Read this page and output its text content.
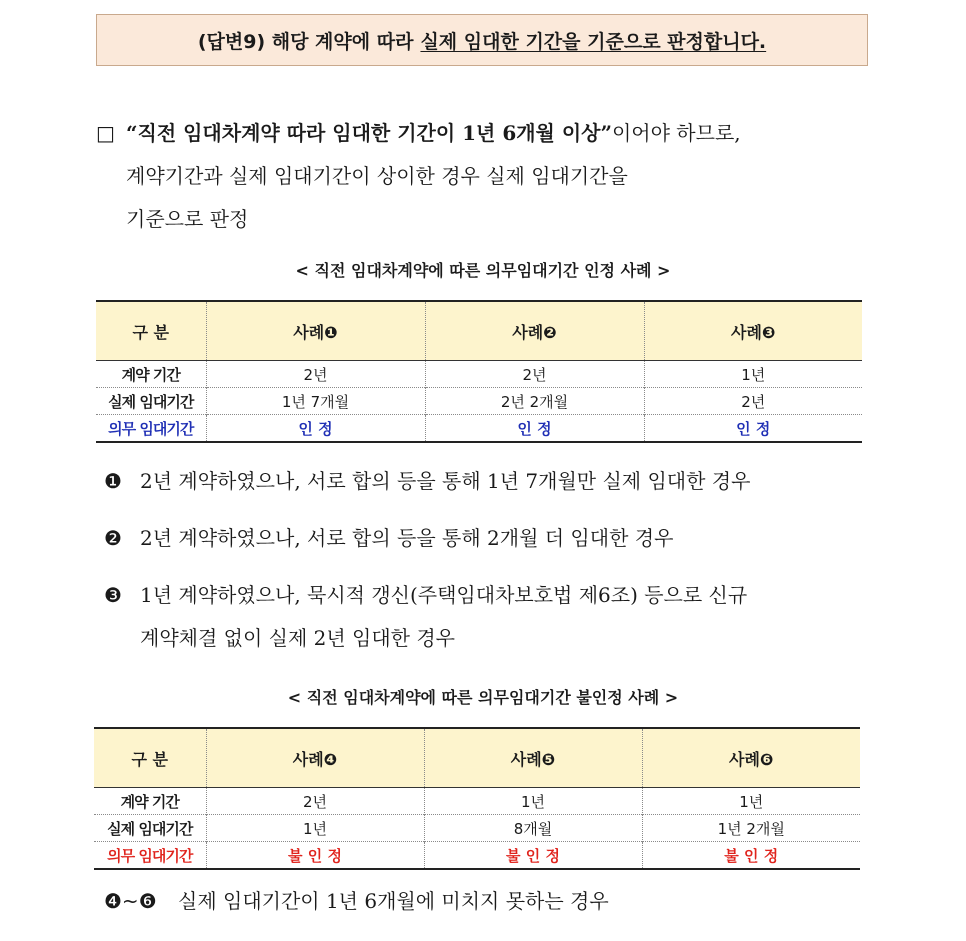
(답변9) 해당 계약에 따라 실제 임대한 기간을 기준으로 판정합니다.
□ “직전 임대차계약 따라 임대한 기간이 1년 6개월 이상”이어야 하므로,
계약기간과 실제 임대기간이 상이한 경우 실제 임대기간을
기준으로 판정
< 직전 임대차계약에 따른 의무임대기간 인정 사례 >
구 분	사례❶	사례❷	사례❸
계약 기간	2년	2년	1년
실제 임대기간	1년 7개월	2년 2개월	2년
의무 임대기간	인 정	인 정	인 정
❶ 2년 계약하였으나, 서로 합의 등을 통해 1년 7개월만 실제 임대한 경우
❷ 2년 계약하였으나, 서로 합의 등을 통해 2개월 더 임대한 경우
❸ 1년 계약하였으나, 묵시적 갱신(주택임대차보호법 제6조) 등으로 신규
계약체결 없이 실제 2년 임대한 경우
< 직전 임대차계약에 따른 의무임대기간 불인정 사례 >
구 분	사례❹	사례❺	사례❻
계약 기간	2년	1년	1년
실제 임대기간	1년	8개월	1년 2개월
의무 임대기간	불 인 정	불 인 정	불 인 정
❹~❻ 실제 임대기간이 1년 6개월에 미치지 못하는 경우
